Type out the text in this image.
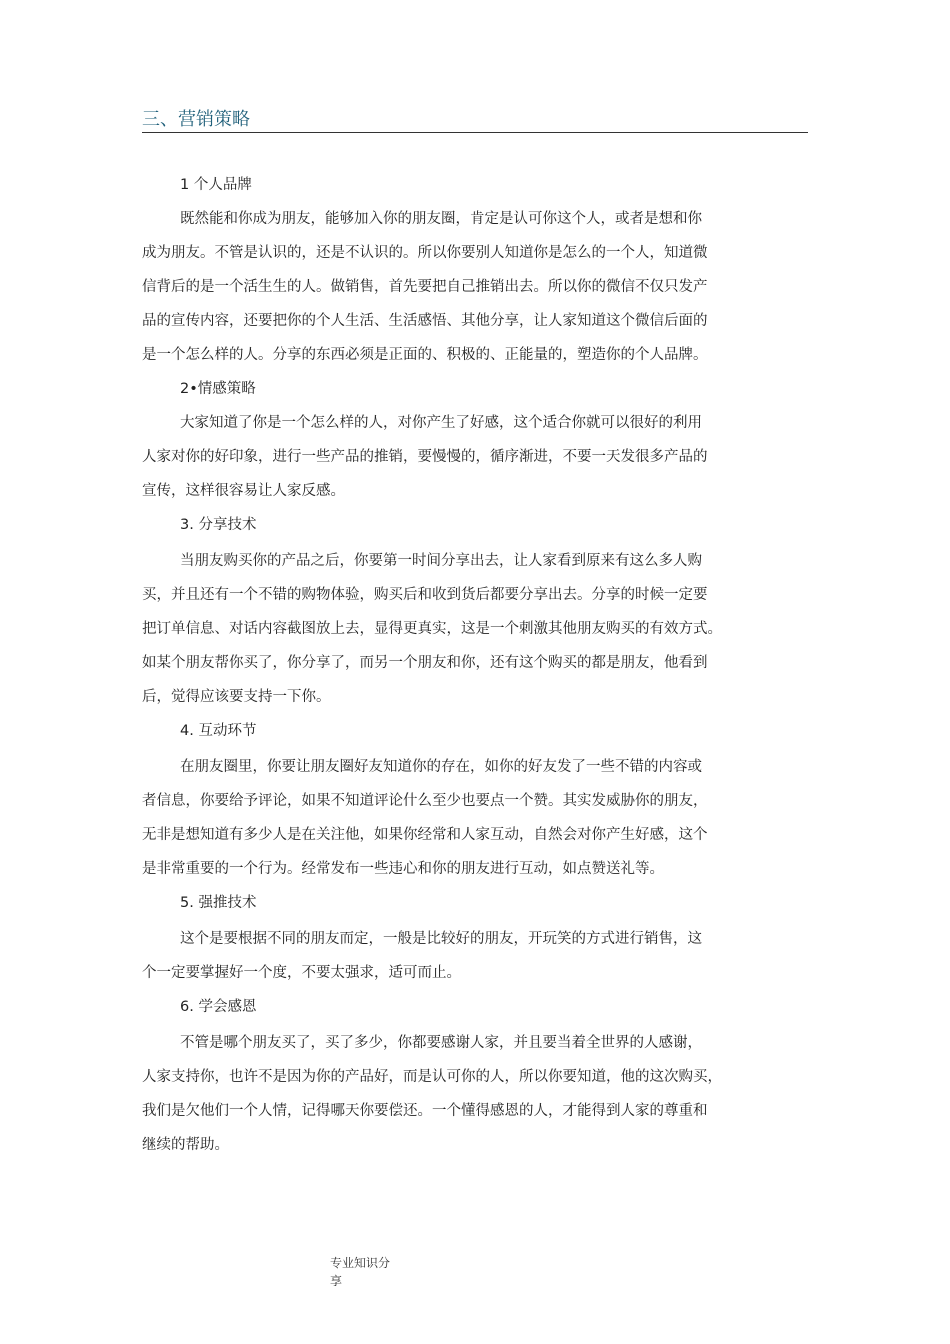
三、营销策略
1 个人品牌
既然能和你成为朋友，能够加入你的朋友圈，肯定是认可你这个人，或者是想和你
成为朋友。不管是认识的，还是不认识的。所以你要别人知道你是怎么的一个人，知道微
信背后的是一个活生生的人。做销售，首先要把自己推销出去。所以你的微信不仅只发产
品的宣传内容，还要把你的个人生活、生活感悟、其他分享，让人家知道这个微信后面的
是一个怎么样的人。分享的东西必须是正面的、积极的、正能量的，塑造你的个人品牌。
2•情感策略
大家知道了你是一个怎么样的人，对你产生了好感，这个适合你就可以很好的利用
人家对你的好印象，进行一些产品的推销，要慢慢的，循序渐进，不要一天发很多产品的
宣传，这样很容易让人家反感。
3. 分享技术
当朋友购买你的产品之后，你要第一时间分享出去，让人家看到原来有这么多人购
买，并且还有一个不错的购物体验，购买后和收到货后都要分享出去。分享的时候一定要
把订单信息、对话内容截图放上去，显得更真实，这是一个刺激其他朋友购买的有效方式。
如某个朋友帮你买了，你分享了，而另一个朋友和你，还有这个购买的都是朋友，他看到
后，觉得应该要支持一下你。
4. 互动环节
在朋友圈里，你要让朋友圈好友知道你的存在，如你的好友发了一些不错的内容或
者信息，你要给予评论，如果不知道评论什么至少也要点一个赞。其实发威胁你的朋友，
无非是想知道有多少人是在关注他，如果你经常和人家互动，自然会对你产生好感，这个
是非常重要的一个行为。经常发布一些违心和你的朋友进行互动，如点赞送礼等。
5. 强推技术
这个是要根据不同的朋友而定，一般是比较好的朋友，开玩笑的方式进行销售，这
个一定要掌握好一个度，不要太强求，适可而止。
6. 学会感恩
不管是哪个朋友买了，买了多少，你都要感谢人家，并且要当着全世界的人感谢，
人家支持你，也许不是因为你的产品好，而是认可你的人，所以你要知道，他的这次购买，
我们是欠他们一个人情，记得哪天你要偿还。一个懂得感恩的人，才能得到人家的尊重和
继续的帮助。
专业知识分
享
